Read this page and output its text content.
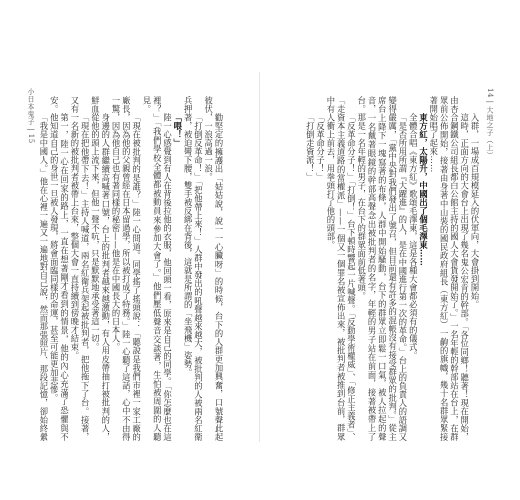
小日本鬼子 | 15	勸堅定的擁護出「姑姑說，說一一心臟呀」的時候，台下的人群更加興奮，口號聲此起彼伏，一浪高過一浪。

「打倒反革命！」「把他帶上來！」人群中發出的吼聲越來越大，被批判的人被兩名紅衛兵押著，被迫彎下腰，雙手被反綁在背後，這就是所謂的「坐飛機」姿勢。

「喂！」

陸一心感覺到有人在背後拉他的衣服，他回頭一看，原來是自己的同學。「你怎麼也在這裡？」「我們學校全體都被動員來參加大會了。」他們壓低聲音交談著，生怕被周圍的人聽見。

「現在被批判的是誰？」陸一心問道。同學搖了搖頭說：「聽說是我們市裡一家工廠的廠長，因為他的父親曾經在日本留過學，所以被打成了特務。」陸一心聽了這話，心中不由得一驚，因為他自己也有著同樣的秘密——他是在中國長大的日本人。

身邊的人群繼續高喊著口號，台上的批判者越來越激動，有人用皮帶抽打被批判的人，鮮血從他的頭上流下來，但他一聲不吭，只是默默地承受著這一切。

「現在把他帶下去！」主持人喊道，兩名紅衛兵架起被批判者，把他拖下了台。接著，又有一名新的被批判者被帶上台來，整個大會一直持續到傍晚才結束。

第一，陸一心在回家的路上，一直在想著剛才看到的情景，他的內心充滿了恐懼與不安。他知道自己的身世一旦被人發現，將會面臨同樣的命運，甚至可能更加悲慘。

「我是中國人。」他在心裡一遍又一遍地對自己說，然而那張照片、那段記憶，卻始終縈

14 | 大地之子（上）

入群，一場成百規模延入的伏軍向，大會掛到開始。

這時，正面方向的大會台上出現了幾名鬼公宏肯的幹部。「各位同鄉！聽著！現在開始，由杏合鋼鐵公司組長都白公館主持的國人大會貨發開始了。」一名年輕的幹部站在台上，在群眾前公佈開始，接著由身著中山裝的國民政府組長（東方紅）一齣的旗幟，幾十名群眾緊接著開始唱了起來……

東方紅，太陽升，中國出了個毛澤東……

全體合唱《東方紅》歌頌毛澤東，這是各種大會都必須有的儀式。

「是否所用所謂『大躍進』的人，是在中國進行第一次的革命。」台上的負責人的語調又變得嚴厲，「黨中央對我們發出了號召，但目前還有許多的混帳沒有接受群眾的批判。」從主席台上降下一塊寫著的布條，人群中開始騷動，台下的群眾立即鬆一口氣，被人拉起的聲音，一名戴著眼鏡的幹部高聲念出被批判者的名字，年輕的男子站在前面，接著被帶上了台。那是一名年輕的男子，在台下的群眾面前低著頭。

「反革命分子！」「打倒！」台下頓時響起一片喊聲。「反動學術權威」、「修正主義者」、「走資本主義道路的當權派」——一個又一個罪名被宣佈出來，被批判者被推到台前，群眾中有人衝上前去，用拳頭打了他的頭部。

「反革命分子！」

「打倒走資派！」
